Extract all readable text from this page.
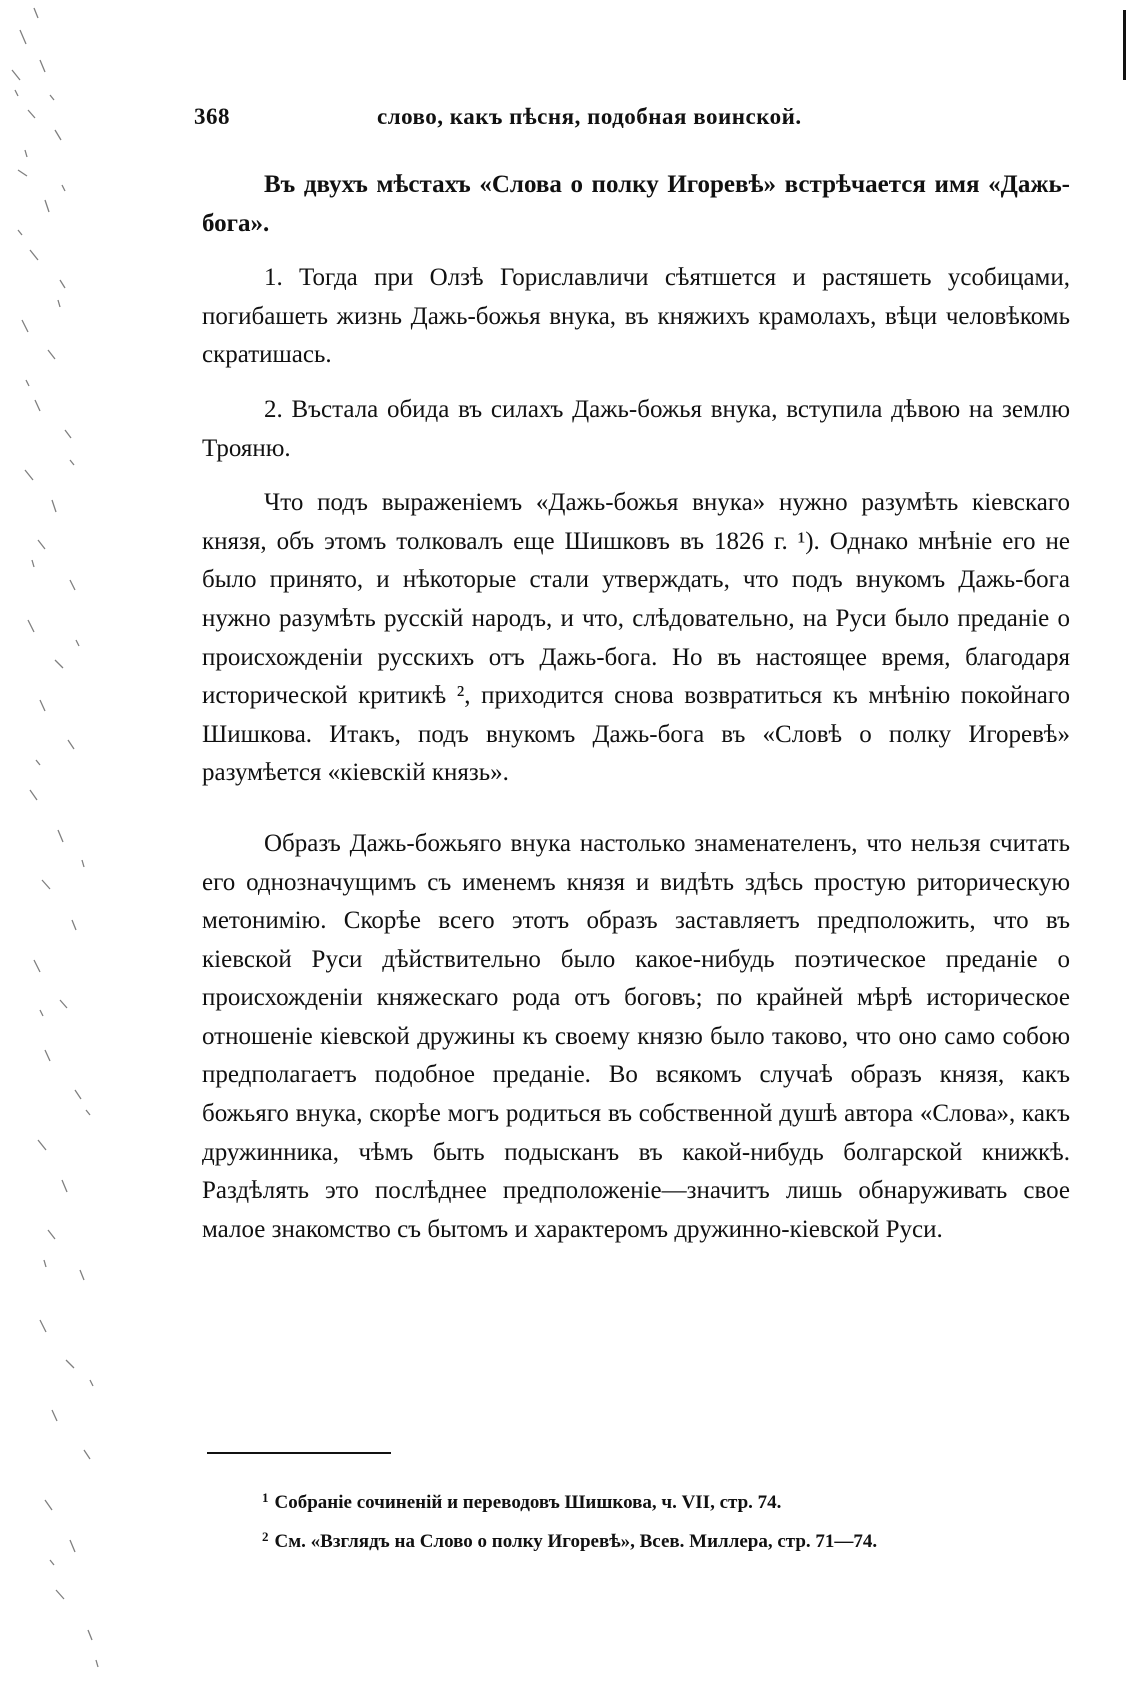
368	слово, какъ пѣсня, подобная воинской.

Въ двухъ мѣстахъ «Слова о полку Игоревѣ» встрѣчается имя «Дажь-бога».

1. Тогда при Олзѣ Гориславличи сѣятшется и растяшеть усобицами, погибашеть жизнь Дажь-божья внука, въ княжихъ крамолахъ, вѣци человѣкомь скратишась.

2. Въстала обида въ силахъ Дажь-божья внука, вступила дѣвою на землю Трояню.

Что подъ выраженіемъ «Дажь-божья внука» нужно разумѣть кіевскаго князя, объ этомъ толковалъ еще Шишковъ въ 1826 г. ¹). Однако мнѣніе его не было принято, и нѣкоторые стали утверждать, что подъ внукомъ Дажь-бога нужно разумѣть русскій народъ, и что, слѣдовательно, на Руси было преданіе о происхожденіи русскихъ отъ Дажь-бога. Но въ настоящее время, благодаря исторической критикѣ ², приходится снова возвратиться къ мнѣнію покойнаго Шишкова. Итакъ, подъ внукомъ Дажь-бога въ «Словѣ о полку Игоревѣ» разумѣется «кіевскій князь».

Образъ Дажь-божьяго внука настолько знаменателенъ, что нельзя считать его однозначущимъ съ именемъ князя и видѣть здѣсь простую риторическую метонимію. Скорѣе всего этотъ образъ заставляетъ предположить, что въ кіевской Руси дѣйствительно было какое-нибудь поэтическое преданіе о происхожденіи княжескаго рода отъ боговъ; по крайней мѣрѣ историческое отношеніе кіевской дружины къ своему князю было таково, что оно само собою предполагаетъ подобное преданіе. Во всякомъ случаѣ образъ князя, какъ божьяго внука, скорѣе могъ родиться въ собственной душѣ автора «Слова», какъ дружинника, чѣмъ быть подысканъ въ какой-нибудь болгарской книжкѣ. Раздѣлять это послѣднее предположеніе—значитъ лишь обнаруживать свое малое знакомство съ бытомъ и характеромъ дружинно-кіевской Руси.

$^1$ Собраніе сочиненій и переводовъ Шишкова, ч. VII, стр. 74.
$^2$ См. «Взглядъ на Слово о полку Игоревѣ», Всев. Миллера, стр. 71—74.
